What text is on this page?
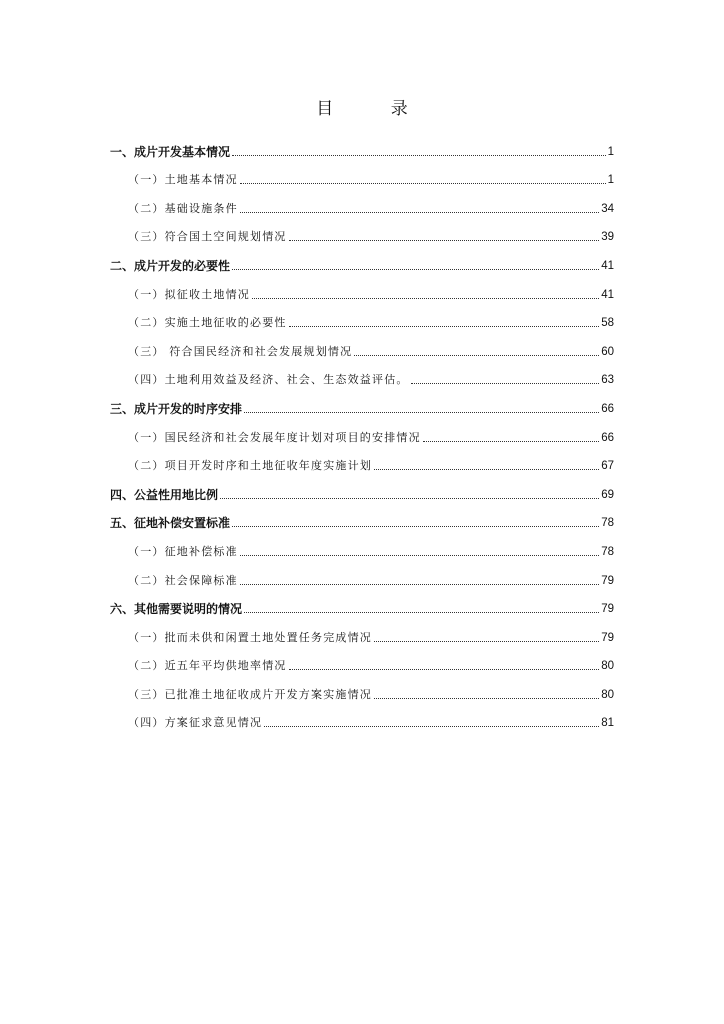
目 录
一、成片开发基本情况	1
（一）土地基本情况	1
（二）基础设施条件	34
（三）符合国土空间规划情况	39
二、成片开发的必要性	41
（一）拟征收土地情况	41
（二）实施土地征收的必要性	58
（三） 符合国民经济和社会发展规划情况	60
（四）土地利用效益及经济、社会、生态效益评估。	63
三、成片开发的时序安排	66
（一）国民经济和社会发展年度计划对项目的安排情况	66
（二）项目开发时序和土地征收年度实施计划	67
四、公益性用地比例	69
五、征地补偿安置标准	78
（一）征地补偿标准	78
（二）社会保障标准	79
六、其他需要说明的情况	79
（一）批而未供和闲置土地处置任务完成情况	79
（二）近五年平均供地率情况	80
（三）已批准土地征收成片开发方案实施情况	80
（四）方案征求意见情况	81
